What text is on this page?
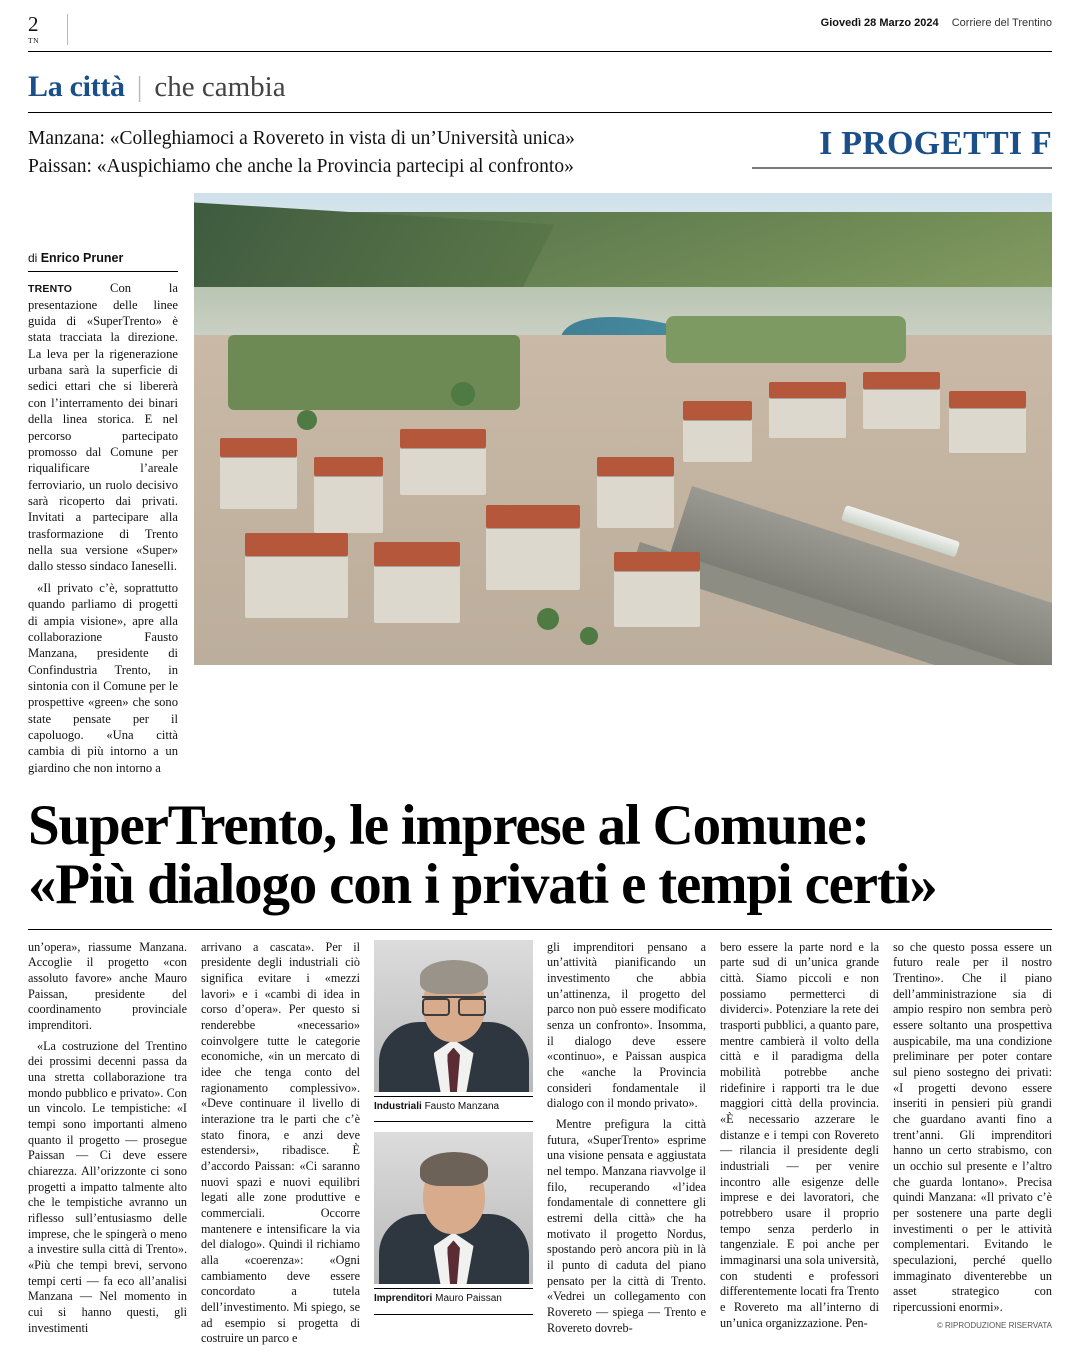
2
TN
Giovedì 28 Marzo 2024 Corriere del Trentino
La città | che cambia
Manzana: «Colleghiamoci a Rovereto in vista di un’Università unica»
Paissan: «Auspichiamo che anche la Provincia partecipi al confronto»
I PROGETTI F
di Enrico Pruner

TRENTO	Con la presentazione delle linee guida di «SuperTrento» è stata tracciata la direzione. La leva per la rigenerazione urbana sarà la superficie di sedici ettari che si libererà con l’interramento dei binari della linea storica. E nel percorso partecipato promosso dal Comune per riqualificare l’areale ferroviario, un ruolo decisivo sarà ricoperto dai privati. Invitati a partecipare alla trasformazione di Trento nella sua versione «Super» dallo stesso sindaco Ianeselli.

«Il privato c’è, soprattutto quando parliamo di progetti di ampia visione», apre alla collaborazione Fausto Manzana, presidente di Confindustria Trento, in sintonia con il Comune per le prospettive «green» che sono state pensate per il capoluogo. «Una città cambia di più intorno a un giardino che non intorno a

SuperTrento, le imprese al Comune:
«Più dialogo con i privati e tempi certi»

un’opera», riassume Manzana. Accoglie il progetto «con assoluto favore» anche Mauro Paissan, presidente del coordinamento provinciale imprenditori.

«La costruzione del Trentino dei prossimi decenni passa da una stretta collaborazione tra mondo pubblico e privato». Con un vincolo. Le tempistiche: «I tempi sono importanti almeno quanto il progetto — prosegue Paissan — Ci deve essere chiarezza. All’orizzonte ci sono progetti a impatto talmente alto che le tempistiche avranno un riflesso sull’entusiasmo delle imprese, che le spingerà o meno a investire sulla città di Trento». «Più che tempi brevi, servono tempi certi — fa eco all’analisi Manzana — Nel momento in cui si hanno questi, gli investimenti

arrivano a cascata». Per il presidente degli industriali ciò significa evitare i «mezzi lavori» e i «cambi di idea in corso d’opera». Per questo si renderebbe «necessario» coinvolgere tutte le categorie economiche, «in un mercato di idee che tenga conto del ragionamento complessivo». «Deve continuare il livello di interazione tra le parti che c’è stato finora, e anzi deve estendersi», ribadisce. È d’accordo Paissan: «Ci saranno nuovi spazi e nuovi equilibri legati alle zone produttive e commerciali. Occorre mantenere e intensificare la via del dialogo». Quindi il richiamo alla «coerenza»: «Ogni cambiamento deve essere concordato a tutela dell’investimento. Mi spiego, se ad esempio si progetta di costruire un parco e

Industriali Fausto Manzana
Imprenditori Mauro Paissan

gli imprenditori pensano a un’attività pianificando un investimento che abbia un’attinenza, il progetto del parco non può essere modificato senza un confronto». Insomma, il dialogo deve essere «continuo», e Paissan auspica che «anche la Provincia consideri fondamentale il dialogo con il mondo privato».

Mentre prefigura la città futura, «SuperTrento» esprime una visione pensata e aggiustata nel tempo. Manzana riavvolge il filo, recuperando «l’idea fondamentale di connettere gli estremi della città» che ha motivato il progetto Nordus, spostando però ancora più in là il punto di caduta del piano pensato per la città di Trento. «Vedrei un collegamento con Rovereto — spiega — Trento e Rovereto dovreb-

bero essere la parte nord e la parte sud di un’unica grande città. Siamo piccoli e non possiamo permetterci di dividerci». Potenziare la rete dei trasporti pubblici, a quanto pare, mentre cambierà il volto della città e il paradigma della mobilità potrebbe anche ridefinire i rapporti tra le due maggiori città della provincia. «È necessario azzerare le distanze e i tempi con Rovereto — rilancia il presidente degli industriali — per venire incontro alle esigenze delle imprese e dei lavoratori, che potrebbero usare il proprio tempo senza perderlo in tangenziale. E poi anche per immaginarsi una sola università, con studenti e professori differentemente locati fra Trento e Rovereto ma all’interno di un’unica organizzazione. Pen-

so che questo possa essere un futuro reale per il nostro Trentino». Che il piano dell’amministrazione sia di ampio respiro non sembra però essere soltanto una prospettiva auspicabile, ma una condizione preliminare per poter contare sul pieno sostegno dei privati: «I progetti devono essere inseriti in pensieri più grandi che guardano avanti fino a trent’anni. Gli imprenditori hanno un certo strabismo, con un occhio sul presente e l’altro che guarda lontano». Precisa quindi Manzana: «Il privato c’è per sostenere una parte degli investimenti o per le attività complementari. Evitando le speculazioni, perché quello immaginato diventerebbe un asset strategico con ripercussioni enormi».

© RIPRODUZIONE RISERVATA
